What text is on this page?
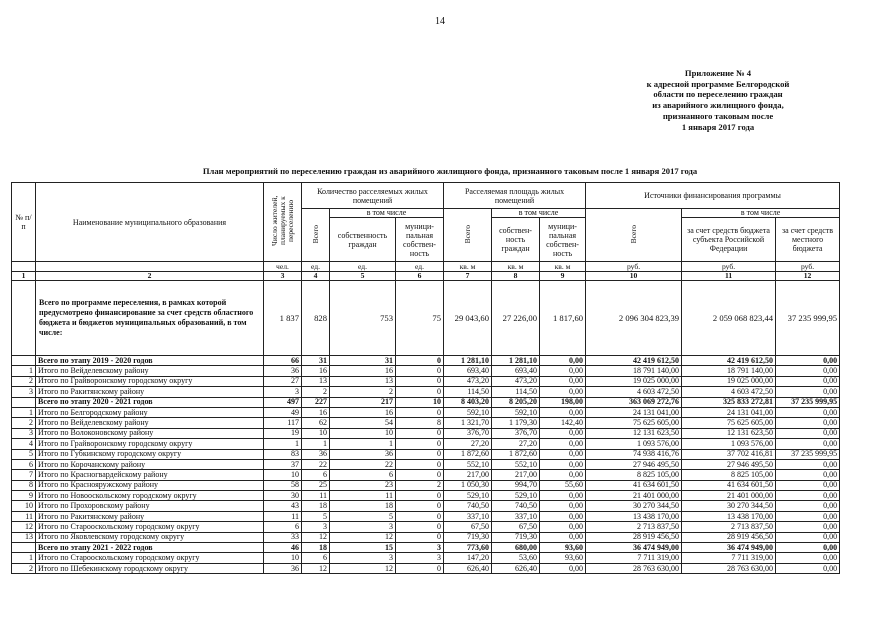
14
Приложение № 4
к адресной программе Белгородской
области по переселению граждан
из аварийного жилищного фонда,
признанного таковым после
1 января 2017 года
План мероприятий по переселению граждан из аварийного жилищного фонда, признанного таковым после 1 января 2017 года
№ п/п	Наименование муниципального образования	Число жителей, планируемых к переселению	Количество расселяемых жилых помещений			Расселяемая площадь жилых помещений			Источники финансирования программы		
			Всего	в том числе		Всего	в том числе		Всего	в том числе	
				собственность граждан	муници-пальная собствен-ность		собствен-ность граждан	муници-пальная собствен-ность		за счет средств бюджета субъекта Российской Федерации	за счет средств местного бюджета
		чел.	ед.	ед.	ед.	кв. м	кв. м	кв. м	руб.	руб.	руб.
1	2	3	4	5	6	7	8	9	10	11	12
	Всего по программе переселения, в рамках которой предусмотрено финансирование за счет средств областного бюджета и бюджетов муниципальных образований, в том числе:	1 837	828	753	75	29 043,60	27 226,00	1 817,60	2 096 304 823,39	2 059 068 823,44	37 235 999,95
	Всего по этапу 2019 - 2020 годов	66	31	31	0	1 281,10	1 281,10	0,00	42 419 612,50	42 419 612,50	0,00
1	Итого по Вейделевскому району	36	16	16	0	693,40	693,40	0,00	18 791 140,00	18 791 140,00	0,00
2	Итого по Грайворонскому городскому округу	27	13	13	0	473,20	473,20	0,00	19 025 000,00	19 025 000,00	0,00
3	Итого по Ракитянскому району	3	2	2	0	114,50	114,50	0,00	4 603 472,50	4 603 472,50	0,00
	Всего по этапу 2020 - 2021 годов	497	227	217	10	8 403,20	8 205,20	198,00	363 069 272,76	325 833 272,81	37 235 999,95
1	Итого по Белгородскому району	49	16	16	0	592,10	592,10	0,00	24 131 041,00	24 131 041,00	0,00
2	Итого по Вейделевскому району	117	62	54	8	1 321,70	1 179,30	142,40	75 625 605,00	75 625 605,00	0,00
3	Итого по Волоконовскому району	19	10	10	0	376,70	376,70	0,00	12 131 623,50	12 131 623,50	0,00
4	Итого по Грайворонскому городскому округу	1	1	1	0	27,20	27,20	0,00	1 093 576,00	1 093 576,00	0,00
5	Итого по Губкинскому городскому округу	83	36	36	0	1 872,60	1 872,60	0,00	74 938 416,76	37 702 416,81	37 235 999,95
6	Итого по Корочанскому району	37	22	22	0	552,10	552,10	0,00	27 946 495,50	27 946 495,50	0,00
7	Итого по Красногвардейскому району	10	6	6	0	217,00	217,00	0,00	8 825 105,00	8 825 105,00	0,00
8	Итого по Краснояружскому району	58	25	23	2	1 050,30	994,70	55,60	41 634 601,50	41 634 601,50	0,00
9	Итого по Новооскольскому городскому округу	30	11	11	0	529,10	529,10	0,00	21 401 000,00	21 401 000,00	0,00
10	Итого по Прохоровскому району	43	18	18	0	740,50	740,50	0,00	30 270 344,50	30 270 344,50	0,00
11	Итого по Ракитянскому району	11	5	5	0	337,10	337,10	0,00	13 438 170,00	13 438 170,00	0,00
12	Итого по Старооскольскому городскому округу	6	3	3	0	67,50	67,50	0,00	2 713 837,50	2 713 837,50	0,00
13	Итого по Яковлевскому городскому округу	33	12	12	0	719,30	719,30	0,00	28 919 456,50	28 919 456,50	0,00
	Всего по этапу 2021 - 2022 годов	46	18	15	3	773,60	680,00	93,60	36 474 949,00	36 474 949,00	0,00
1	Итого по Старооскольскому городскому округу	10	6	3	3	147,20	53,60	93,60	7 711 319,00	7 711 319,00	0,00
2	Итого по Шебекинскому городскому округу	36	12	12	0	626,40	626,40	0,00	28 763 630,00	28 763 630,00	0,00
